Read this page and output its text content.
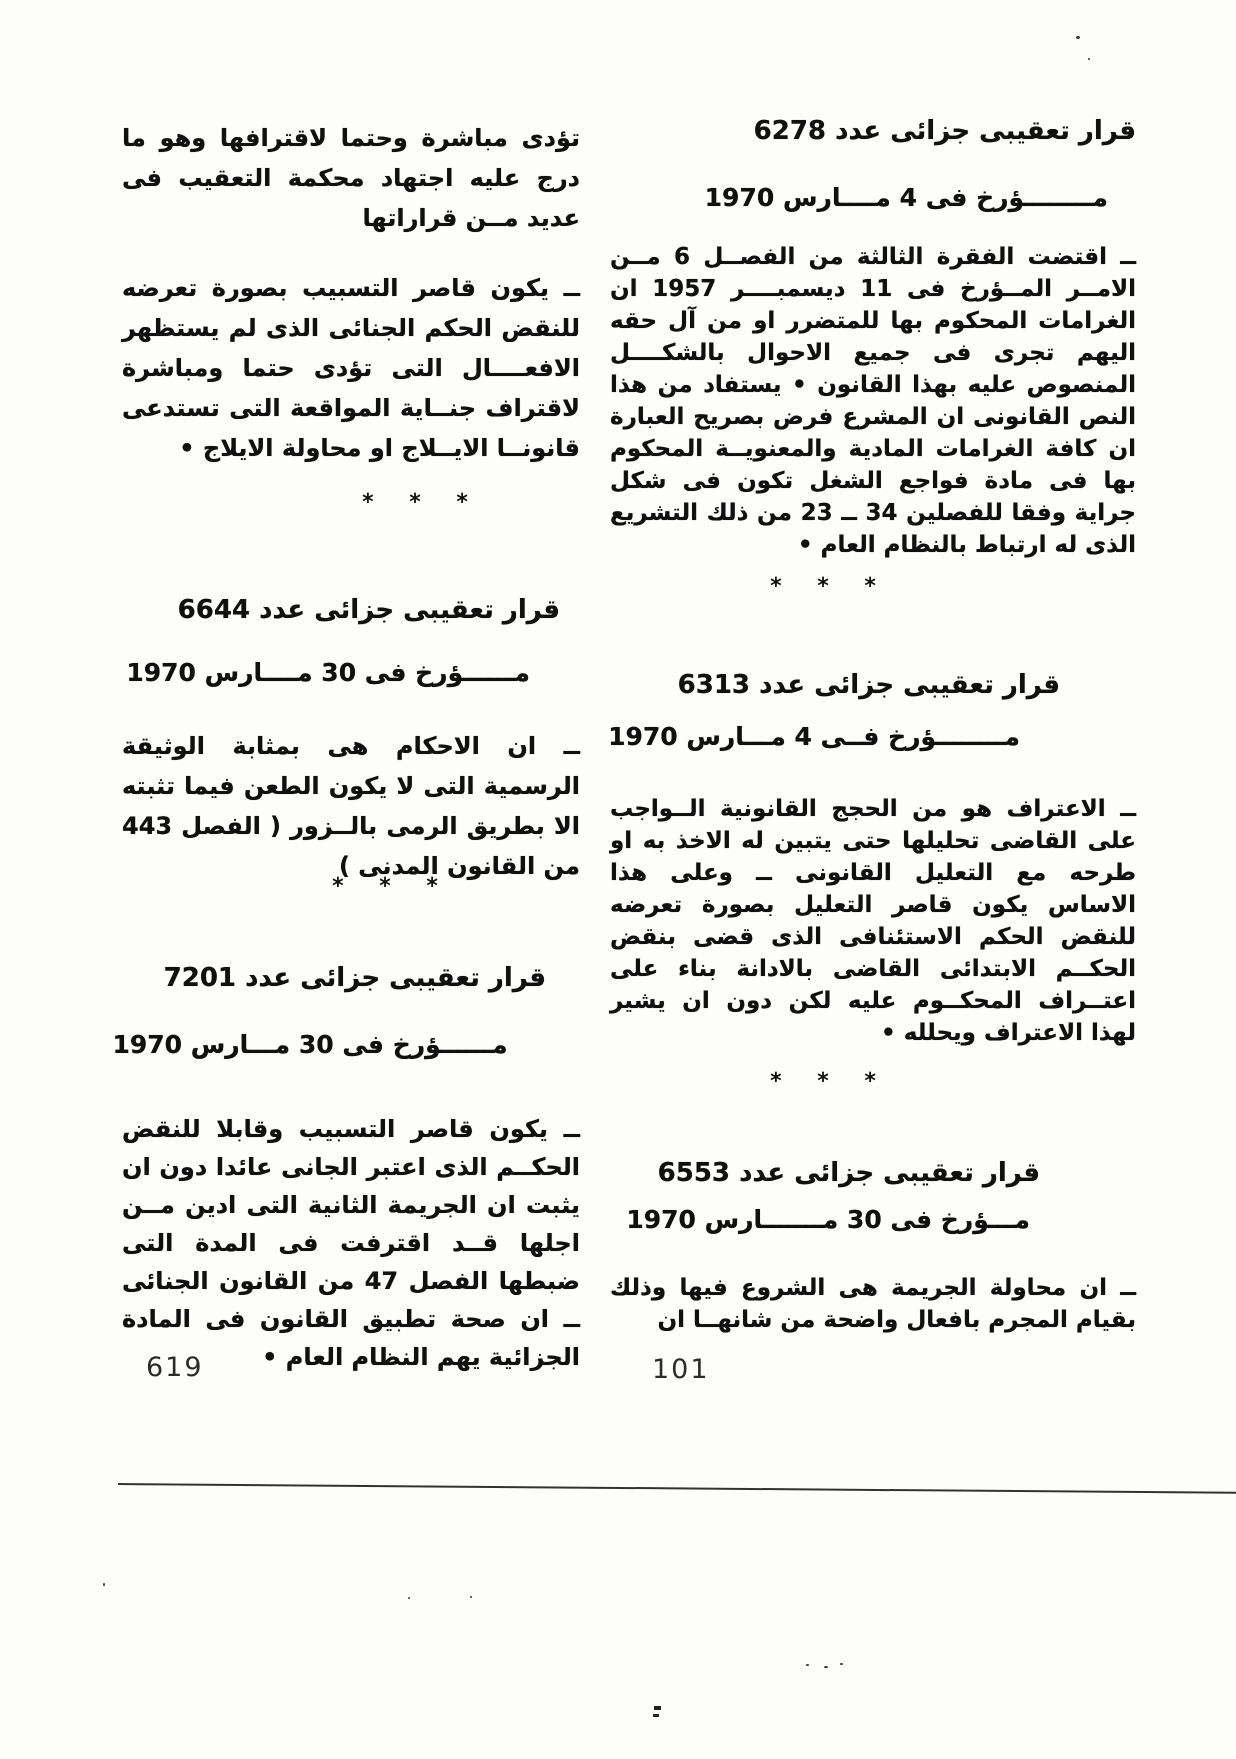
قرار تعقيبى جزائى عدد 6278
مــــــــؤرخ فى 4 مــــارس 1970
ــ اقتضت الفقرة الثالثة من الفصــل 6 مــن الامــر المــؤرخ فى 11 ديسمبــــر 1957 ان الغرامات المحكوم بها للمتضرر او من آل حقه اليهم تجرى فى جميع الاحوال بالشكــــل المنصوص عليه بهذا القانون • يستفاد من هذا النص القانونى ان المشرع فرض بصريح العبارة ان كافة الغرامات المادية والمعنويــة المحكوم بها فى مادة فواجع الشغل تكون فى شكل جراية وفقا للفصلين 34 ــ 23 من ذلك التشريع الذى له ارتباط بالنظام العام •
* * *
قرار تعقيبى جزائى عدد 6313
مــــــــؤرخ فــى 4 مـــارس 1970
ــ الاعتراف هو من الحجج القانونية الــواجب على القاضى تحليلها حتى يتبين له الاخذ به او طرحه مع التعليل القانونى ــ وعلى هذا الاساس يكون قاصر التعليل بصورة تعرضه للنقض الحكم الاستئنافى الذى قضى بنقض الحكــم الابتدائى القاضى بالادانة بناء على اعتــراف المحكــوم عليه لكن دون ان يشير لهذا الاعتراف ويحلله •
* * *
قرار تعقيبى جزائى عدد 6553
مـــؤرخ فى 30 مـــــــارس 1970
ــ ان محاولة الجريمة هى الشروع فيها وذلك بقيام المجرم بافعال واضحة من شانهــا ان
101
تؤدى مباشرة وحتما لاقترافها وهو ما درج عليه اجتهاد محكمة التعقيب فى عديد مــن قراراتها
ــ يكون قاصر التسبيب بصورة تعرضه للنقض الحكم الجنائى الذى لم يستظهر الافعــــال التى تؤدى حتما ومباشرة لاقتراف جنــاية المواقعة التى تستدعى قانونــا الايــلاج او محاولة الايلاج •
* * *
قرار تعقيبى جزائى عدد 6644
مــــــؤرخ فى 30 مــــارس 1970
ــ ان الاحكام هى بمثابة الوثيقة الرسمية التى لا يكون الطعن فيما تثبته الا بطريق الرمى بالــزور ( الفصل 443 من القانون المدنى )
* * *
قرار تعقيبى جزائى عدد 7201
مــــــؤرخ فى 30 مـــارس 1970
ــ يكون قاصر التسبيب وقابلا للنقض الحكــم الذى اعتبر الجانى عائدا دون ان يثبت ان الجريمة الثانية التى ادين مــن اجلها قــد اقترفت فى المدة التى ضبطها الفصل 47 من القانون الجنائى ــ ان صحة تطبيق القانون فى المادة الجزائية يهم النظام العام •
619
